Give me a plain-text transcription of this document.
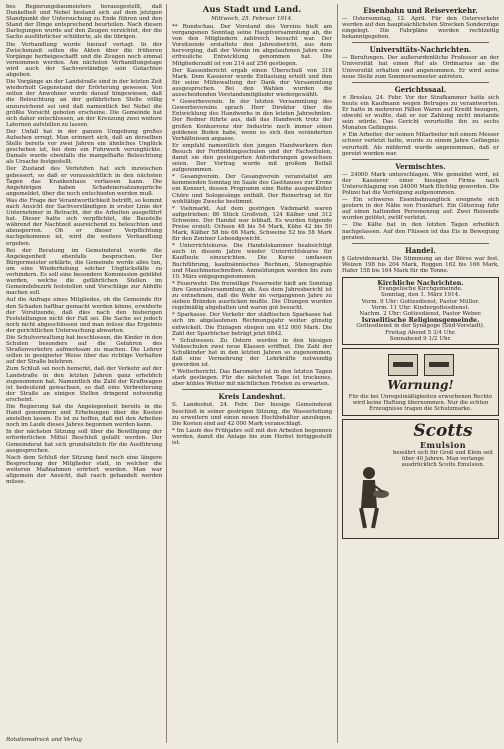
bes Regierungsbaumeisters herausgestellt, daß Dunkelheit und Nebel bestand sich auf dem jetzigen Standpunkt der Untersuchung zu Ende führen und den Stand der Dinge entsprechend beurteilen. Nach diesen Darlegungen wurde auf den Zeugen verzichtet, der die Sache ausführlicher schilderte, als die übrigen.
Die Verhandlung wurde hierauf vertagt. In der Zwischenzeit sollen die Akten über die früheren Vorgänge herbeigeschafft und die Zeugen noch einmal vernommen werden. Am nächsten Verhandlungstage wird auch der Sachverständige sein Gutachten abgeben.
Die Vorgänge an der Landstraße sind in der letzten Zeit wiederholt Gegenstand der Erörterung gewesen. Von seiten der Anwohner wurde darauf hingewiesen, daß die Beleuchtung an der gefährlichen Stelle völlig unzureichend sei und daß namentlich bei Nebel die größte Vorsicht geboten erscheine. Die Gemeinde hat sich daher entschlossen, an der Kreuzung zwei weitere Laternen aufstellen zu lassen.
Der Unfall hat in der ganzen Umgebung großes Aufsehen erregt. Man erinnert sich, daß an derselben Stelle bereits vor zwei Jahren ein ähnliches Unglück geschehen ist, bei dem ein Fuhrwerk verunglückte. Damals wurde ebenfalls die mangelhafte Beleuchtung als Ursache festgestellt.
Der Zustand des Verletzten hat sich inzwischen gebessert, so daß er voraussichtlich in den nächsten Tagen das Krankenhaus verlassen kann. Die Angehörigen haben Schadenersatzansprüche angemeldet, über die noch entschieden werden muß.
Was die Frage der Verantwortlichkeit betrifft, so kommt nach Ansicht der Sachverständigen in erster Linie der Unternehmer in Betracht, der die Arbeiten ausgeführt hat. Dieser hatte sich verpflichtet, die Baustelle während der Nachtzeit ausreichend zu beleuchten und abzusperren. Ob er dieser Verpflichtung nachgekommen ist, wird die weitere Verhandlung ergeben.
Bei der Beratung im Gemeinderat wurde die Angelegenheit ebenfalls besprochen. Der Bürgermeister erklärte, die Gemeinde werde alles tun, um eine Wiederholung solcher Unglücksfälle zu verhindern. Es soll eine besondere Kommission gebildet werden, welche die gefährlichen Stellen im Gemeindebezirk feststellen und Vorschläge zur Abhilfe machen soll.
Auf die Anfrage eines Mitgliedes, ob die Gemeinde für den Schaden haftbar gemacht werden könne, erwiderte der Vorsitzende, daß dies nach den bisherigen Feststellungen nicht der Fall sei. Die Sache sei jedoch noch nicht abgeschlossen und man müsse das Ergebnis der gerichtlichen Untersuchung abwarten.
Die Schulverwaltung hat beschlossen, die Kinder in den Schulen besonders auf die Gefahren des Straßenverkehrs aufmerksam zu machen. Die Lehrer sollen in geeigneter Weise über das richtige Verhalten auf der Straße belehren.
Zum Schluß sei noch bemerkt, daß der Verkehr auf der Landstraße in den letzten Jahren ganz erheblich zugenommen hat. Namentlich die Zahl der Kraftwagen ist bedeutend gewachsen, so daß eine Verbreiterung der Straße an einigen Stellen dringend notwendig erscheint.
Die Regierung hat die Angelegenheit bereits in die Hand genommen und Erhebungen über die Kosten anstellen lassen. Es ist zu hoffen, daß mit den Arbeiten noch im Laufe dieses Jahres begonnen werden kann.
In der nächsten Sitzung soll über die Bewilligung der erforderlichen Mittel Beschluß gefaßt werden. Der Gemeinderat hat sich grundsätzlich für die Ausführung ausgesprochen.
Nach dem Schluß der Sitzung fand noch eine längere Besprechung der Mitglieder statt, in welcher die weiteren Maßnahmen erörtert wurden. Man war allgemein der Ansicht, daß rasch gehandelt werden müsse.
Rotationsdruck und Verlag
Aus Stadt und Land.
Mittwoch, 25. Februar 1914.
** Rundschau. Der Vorstand des Vereins hielt am vergangenen Sonntag seine Hauptversammlung ab, die von den Mitgliedern zahlreich besucht war. Der Vorsitzende erstattete den Jahresbericht, aus dem hervorging, daß der Verein im abgelaufenen Jahre eine erfreuliche Entwicklung genommen hat. Die Mitgliederzahl ist von 214 auf 256 gestiegen.
Der Kassenbericht ergab einen Überschuß von 318 Mark. Dem Kassierer wurde Entlastung erteilt und ihm für seine Mühewaltung der Dank der Versammlung ausgesprochen. Bei den Wahlen wurden die ausscheidenden Vorstandsmitglieder wiedergewählt.
* Gewerbeverein. In der letzten Versammlung des Gewerbevereins sprach Herr Direktor über die Entwicklung des Handwerks in den letzten Jahrzehnten. Der Redner führte aus, daß das Handwerk trotz der großen Konkurrenz der Industrie noch immer einen goldenen Boden habe, wenn es sich den veränderten Verhältnissen anpasse.
Er empfahl namentlich den jungen Handwerkern den Besuch der Fortbildungsschulen und der Fachschulen, damit sie den gesteigerten Anforderungen gewachsen seien. Der Vortrag wurde mit großem Beifall aufgenommen.
* Gesangverein. Der Gesangverein veranstaltet am kommenden Sonntag im Saale des Gasthauses zur Krone ein Konzert, dessen Programm eine Reihe ausgewählter Chöre und Sologesänge enthält. Der Reinertrag ist für wohltätige Zwecke bestimmt.
* Viehmarkt. Auf dem gestrigen Viehmarkt waren aufgetrieben: 86 Stück Großvieh, 124 Kälber und 312 Schweine. Der Handel war lebhaft. Es wurden folgende Preise erzielt: Ochsen 48 bis 54 Mark, Kühe 42 bis 50 Mark, Kälber 58 bis 66 Mark, Schweine 52 bis 58 Mark für den Zentner Lebendgewicht.
* Unterrichtskurse. Die Handelskammer beabsichtigt auch in diesem Jahre wieder Unterrichtskurse für Kaufleute einzurichten. Die Kurse umfassen Buchführung, kaufmännisches Rechnen, Stenographie und Maschinenschreiben. Anmeldungen werden bis zum 10. März entgegengenommen.
* Feuerwehr. Die freiwillige Feuerwehr hielt am Sonntag ihre Generalversammlung ab. Aus dem Jahresbericht ist zu entnehmen, daß die Wehr im vergangenen Jahre zu sieben Bränden ausrücken mußte. Die Übungen wurden regelmäßig abgehalten und waren gut besucht.
* Sparkasse. Der Verkehr der städtischen Sparkasse hat sich im abgelaufenen Rechnungsjahr weiter günstig entwickelt. Die Einlagen stiegen um 412 000 Mark. Die Zahl der Sparbücher beträgt jetzt 6842.
* Schulwesen. Zu Ostern werden in den hiesigen Volksschulen zwei neue Klassen eröffnet. Die Zahl der Schulkinder hat in den letzten Jahren so zugenommen, daß eine Vermehrung der Lehrkräfte notwendig geworden ist.
* Wetterbericht. Das Barometer ist in den letzten Tagen stark gestiegen. Für die nächsten Tage ist trockenes, aber kühles Wetter mit nächtlichen Frösten zu erwarten.
Kreis Landeshut.
S. Landeshut, 24. Febr. Der hiesige Gemeinderat beschloß in seiner gestrigen Sitzung, die Wasserleitung zu erweitern und einen neuen Hochbehälter anzulegen. Die Kosten sind auf 42 000 Mark veranschlagt.
* Im Laufe des Frühjahrs soll mit den Arbeiten begonnen werden, damit die Anlage bis zum Herbst fertiggestellt ist.
Eisenbahn und Reiseverkehr.
— Ostersonntag, 12. April. Für den Osterverkehr werden auf den hauptsächlichsten Strecken Sonderzüge eingelegt. Die Fahrpläne werden rechtzeitig bekanntgegeben.
Universitäts-Nachrichten.
— Berufungen. Der außerordentliche Professor an der Universität hat einen Ruf als Ordinarius an die Universität erhalten und angenommen. Er wird seine neue Stelle zum Sommersemester antreten.
Gerichtssaal.
× Breslau, 24. Febr. Vor der Strafkammer hatte sich heute ein Kaufmann wegen Betruges zu verantworten. Er hatte in mehreren Fällen Waren auf Kredit bezogen, obwohl er wußte, daß er zur Zahlung nicht imstande sein würde. Das Gericht verurteilte ihn zu sechs Monaten Gefängnis.
× Ein Arbeiter, der seinen Mitarbeiter mit einem Messer schwer verletzt hatte, wurde zu einem Jahre Gefängnis verurteilt. Als mildernd wurde angenommen, daß er gereizt worden war.
Vermischtes.
— 24000 Mark unterschlagen. Wie gemeldet wird, ist der Kassierer einer hiesigen Firma nach Unterschlagung von 24000 Mark flüchtig geworden. Die Polizei hat die Verfolgung aufgenommen.
— Ein schweres Eisenbahnunglück ereignete sich gestern in der Nähe von Frankfurt. Ein Güterzug fuhr auf einen haltenden Personenzug auf. Zwei Reisende wurden getötet, zwölf verletzt.
— Die Kälte hat in den letzten Tagen erheblich nachgelassen. Auf den Flüssen ist das Eis in Bewegung geraten.
Handel.
§ Getreidemarkt. Die Stimmung an der Börse war fest. Weizen 198 bis 204 Mark, Roggen 162 bis 166 Mark, Hafer 158 bis 164 Mark für die Tonne.
Kirchliche Nachrichten.
Evangelische Kirchgemeinde.
Sonntag, den 1. März 1914.
Vorm. 9 Uhr: Gottesdienst, Pastor Müller.
Vorm. 11 Uhr: Kindergottesdienst.
Nachm. 2 Uhr: Gottesdienst, Pastor Weber.
Israelitische Religionsgemeinde.
Gottesdienst in der Synagoge (Süd-Vorstadt).
Freitag Abend 5 3/4 Uhr.
Sonnabend 9 1/2 Uhr.
Warnung!
Für die bei Unregelmäßigkeiten erworbenen Rechte wird keine Haftung übernommen. Nur die echten Erzeugnisse tragen die Schutzmarke.
Scotts
Emulsion
bewährt sich für Groß und Klein seit über 40 Jahren. Man verlange ausdrücklich Scotts Emulsion.
